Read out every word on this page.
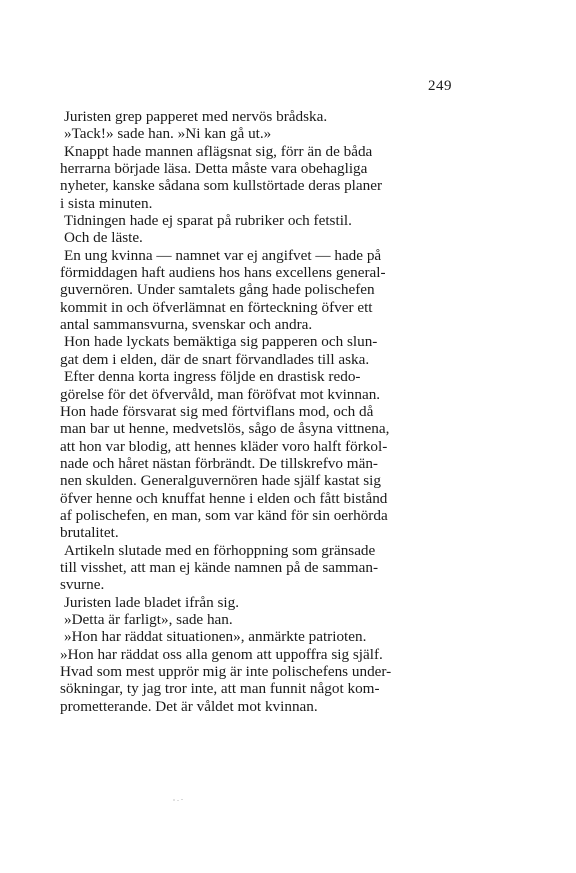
249

Juristen grep papperet med nervös brådska.

»Tack!» sade han. »Ni kan gå ut.»

Knappt hade mannen aflägsnat sig, förr än de båda

herrarna började läsa. Detta måste vara obehagliga

nyheter, kanske sådana som kullstörtade deras planer

i sista minuten.

Tidningen hade ej sparat på rubriker och fetstil.

Och de läste.

En ung kvinna — namnet var ej angifvet — hade på

förmiddagen haft audiens hos hans excellens general-

guvernören. Under samtalets gång hade polischefen

kommit in och öfverlämnat en förteckning öfver ett

antal sammansvurna, svenskar och andra.

Hon hade lyckats bemäktiga sig papperen och slun-

gat dem i elden, där de snart förvandlades till aska.

Efter denna korta ingress följde en drastisk redo-

görelse för det öfvervåld, man föröfvat mot kvinnan.

Hon hade försvarat sig med förtviflans mod, och då

man bar ut henne, medvetslös, sågo de åsyna vittnena,

att hon var blodig, att hennes kläder voro halft förkol-

nade och håret nästan förbrändt. De tillskrefvo män-

nen skulden. Generalguvernören hade själf kastat sig

öfver henne och knuffat henne i elden och fått bistånd

af polischefen, en man, som var känd för sin oerhörda

brutalitet.

Artikeln slutade med en förhoppning som gränsade

till visshet, att man ej kände namnen på de samman-

svurne.

Juristen lade bladet ifrån sig.

»Detta är farligt», sade han.

»Hon har räddat situationen», anmärkte patrioten.

»Hon har räddat oss alla genom att uppoffra sig själf.

Hvad som mest upprör mig är inte polischefens under-

sökningar, ty jag tror inte, att man funnit något kom-

prometterande. Det är våldet mot kvinnan.
